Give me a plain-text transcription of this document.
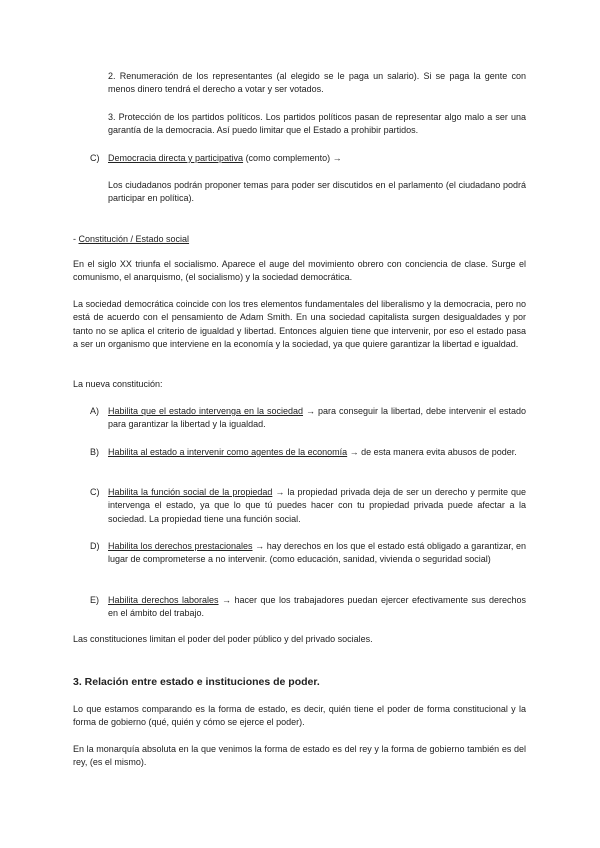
2. Renumeración de los representantes (al elegido se le paga un salario). Si se paga la gente con menos dinero tendrá el derecho a votar y ser votados.
3. Protección de los partidos políticos. Los partidos políticos pasan de representar algo malo a ser una garantía de la democracia. Así puedo limitar que el Estado a prohibir partidos.
C) Democracia directa y participativa (como complemento) →
Los ciudadanos podrán proponer temas para poder ser discutidos en el parlamento (el ciudadano podrá participar en política).
- Constitución / Estado social
En el siglo XX triunfa el socialismo. Aparece el auge del movimiento obrero con conciencia de clase. Surge el comunismo, el anarquismo, (el socialismo) y la sociedad democrática.
La sociedad democrática coincide con los tres elementos fundamentales del liberalismo y la democracia, pero no está de acuerdo con el pensamiento de Adam Smith. En una sociedad capitalista surgen desigualdades y por tanto no se aplica el criterio de igualdad y libertad. Entonces alguien tiene que intervenir, por eso el estado pasa a ser un organismo que interviene en la economía y la sociedad, ya que quiere garantizar la libertad e igualdad.
La nueva constitución:
A) Habilita que el estado intervenga en la sociedad → para conseguir la libertad, debe intervenir el estado para garantizar la libertad y la igualdad.
B) Habilita al estado a intervenir como agentes de la economía → de esta manera evita abusos de poder.
C) Habilita la función social de la propiedad → la propiedad privada deja de ser un derecho y permite que intervenga el estado, ya que lo que tú puedes hacer con tu propiedad privada puede afectar a la sociedad. La propiedad tiene una función social.
D) Habilita los derechos prestacionales → hay derechos en los que el estado está obligado a garantizar, en lugar de comprometerse a no intervenir. (como educación, sanidad, vivienda o seguridad social)
E) Habilita derechos laborales → hacer que los trabajadores puedan ejercer efectivamente sus derechos en el ámbito del trabajo.
Las constituciones limitan el poder del poder público y del privado sociales.
3. Relación entre estado e instituciones de poder.
Lo que estamos comparando es la forma de estado, es decir, quién tiene el poder de forma constitucional y la forma de gobierno (qué, quién y cómo se ejerce el poder).
En la monarquía absoluta en la que venimos la forma de estado es del rey y la forma de gobierno también es del rey, (es el mismo).
